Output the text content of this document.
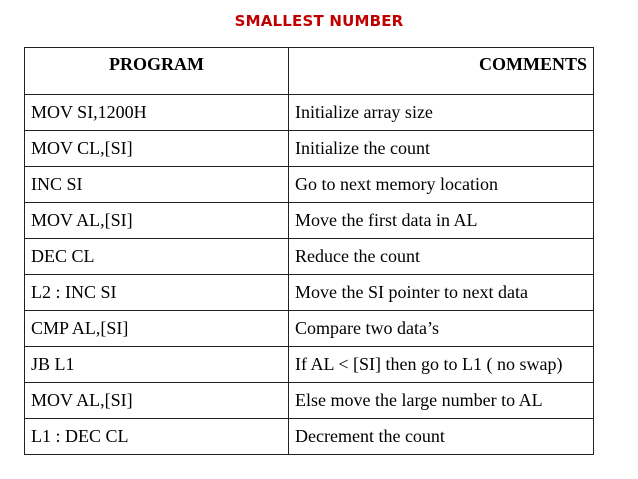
SMALLEST NUMBER
PROGRAM	COMMENTS
MOV SI,1200H	Initialize array size
MOV CL,[SI]	Initialize the count
INC SI	Go to next memory location
MOV AL,[SI]	Move the first data in AL
DEC CL	Reduce the count
L2 : INC SI	Move the SI pointer to next data
CMP AL,[SI]	Compare two data’s
JB L1	If AL < [SI] then go to L1 ( no swap)
MOV AL,[SI]	Else move the large number to AL
L1 : DEC CL	Decrement the count
